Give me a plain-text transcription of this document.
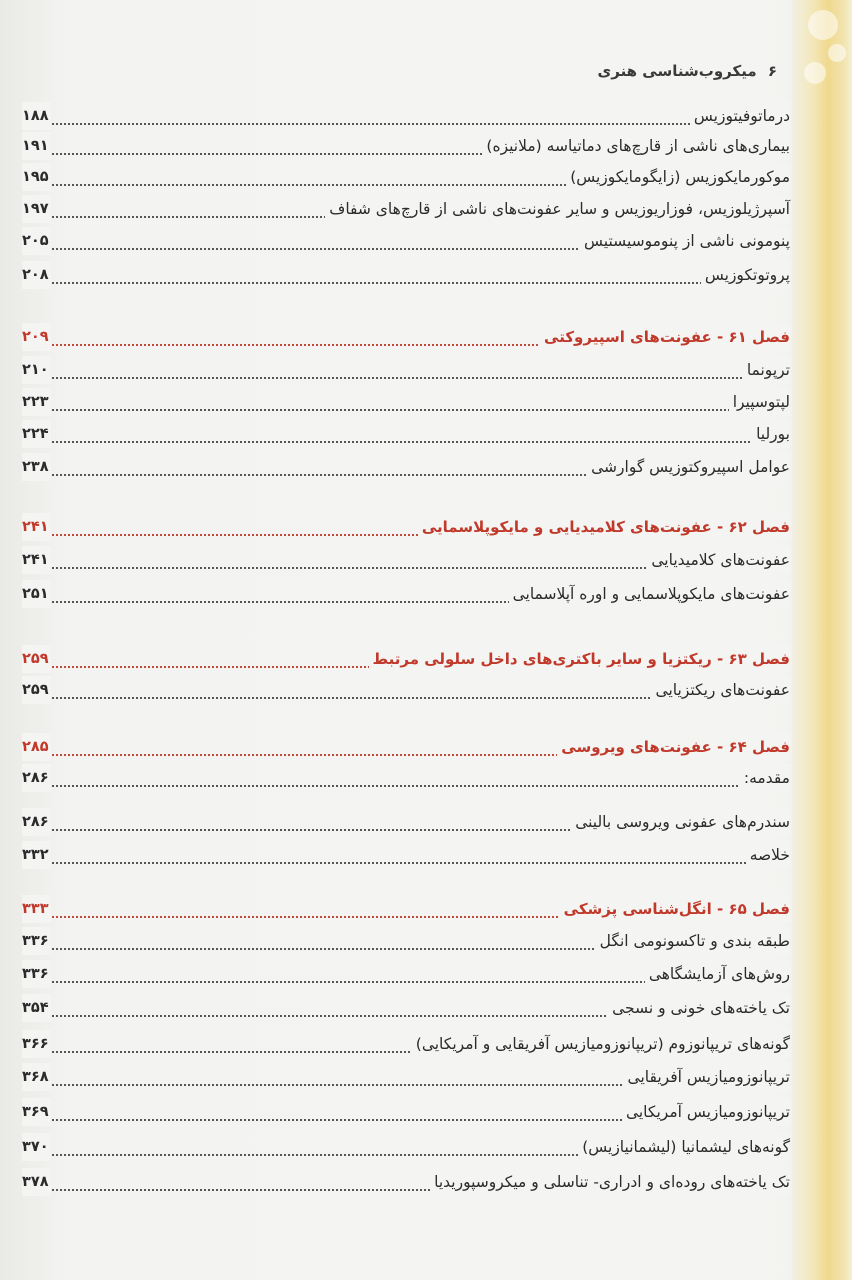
۶ میکروب‌شناسی هنری
درماتوفیتوزیس
۱۸۸
بیماری‌های ناشی از قارچ‌های دماتیاسه (ملانیزه)
۱۹۱
موکورمایکوزیس (زایگومایکوزیس)
۱۹۵
آسپرژیلوزیس، فوزاریوزیس و سایر عفونت‌های ناشی از قارچ‌های شفاف
۱۹۷
پنومونی ناشی از پنوموسیستیس
۲۰۵
پروتوتکوزیس
۲۰۸
فصل ۶۱ - عفونت‌های اسپیروکتی
۲۰۹
ترپونما
۲۱۰
لپتوسپیرا
۲۲۳
بورلیا
۲۲۴
عوامل اسپیروکتوزیس گوارشی
۲۳۸
فصل ۶۲ - عفونت‌های کلامیدیایی و مایکوپلاسمایی
۲۴۱
عفونت‌های کلامیدیایی
۲۴۱
عفونت‌های مایکوپلاسمایی و اوره آپلاسمایی
۲۵۱
فصل ۶۳ - ریکتزیا و سایر باکتری‌های داخل سلولی مرتبط
۲۵۹
عفونت‌های ریکتزیایی
۲۵۹
فصل ۶۴ - عفونت‌های ویروسی
۲۸۵
مقدمه:
۲۸۶
سندرم‌های عفونی ویروسی بالینی
۲۸۶
خلاصه
۳۳۲
فصل ۶۵ - انگل‌شناسی پزشکی
۳۳۳
طبقه بندی و تاکسونومی انگل
۳۳۶
روش‌های آزمایشگاهی
۳۳۶
تک یاخته‌های خونی و نسجی
۳۵۴
گونه‌های تریپانوزوم (تریپانوزومیازیس آفریقایی و آمریکایی)
۳۶۶
تریپانوزومیازیس آفریقایی
۳۶۸
تریپانوزومیازیس آمریکایی
۳۶۹
گونه‌های لیشمانیا (لیشمانیازیس)
۳۷۰
تک یاخته‌های روده‌ای و ادراری- تناسلی و میکروسپوریدیا
۳۷۸
